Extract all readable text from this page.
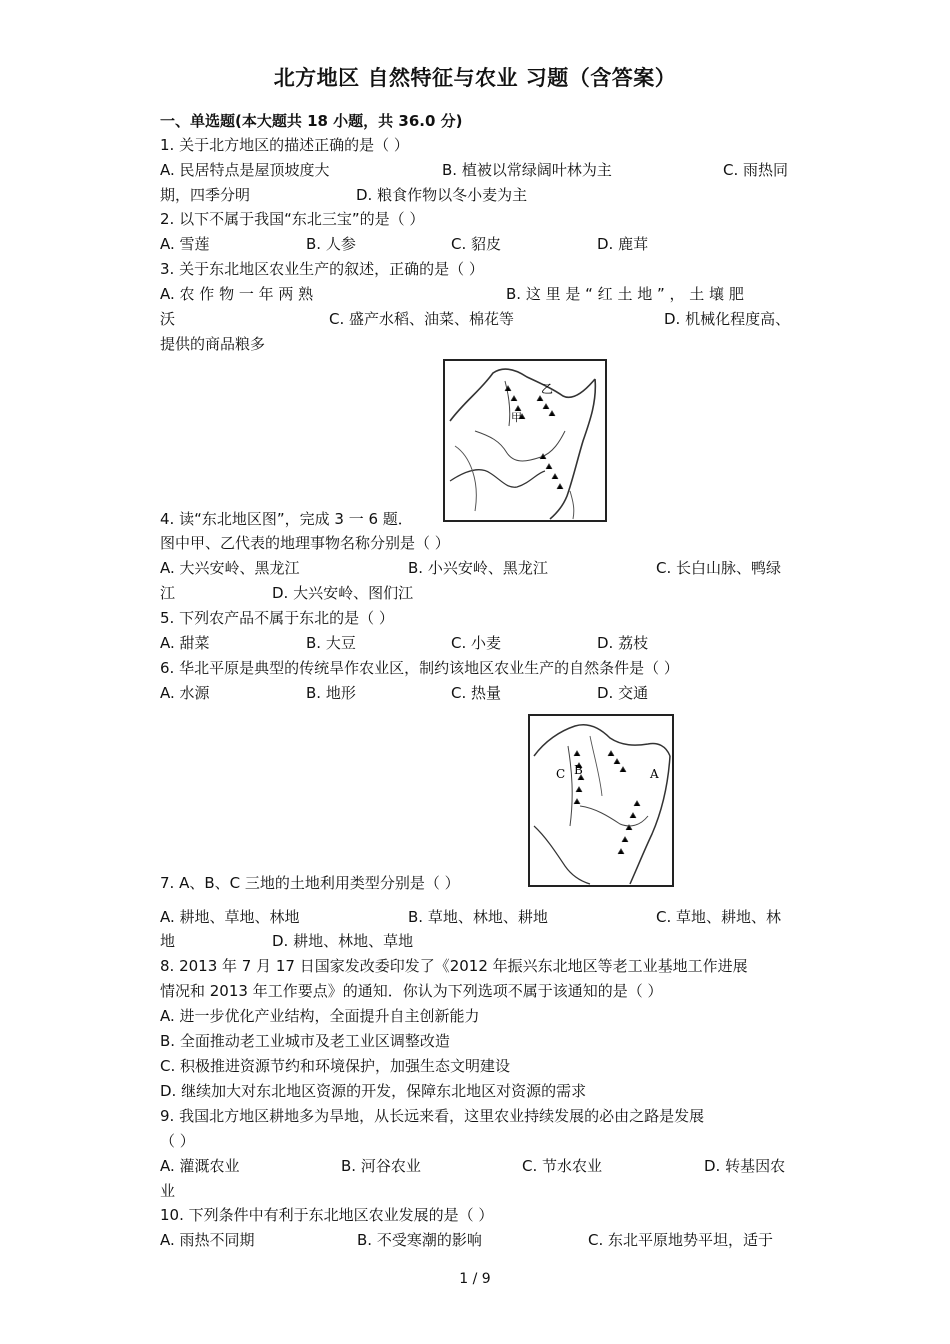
北方地区 自然特征与农业 习题（含答案）
一、单选题(本大题共 18 小题，共 36.0 分)
1. 关于北方地区的描述正确的是（ ）
A. 民居特点是屋顶坡度大	B. 植被以常绿阔叶林为主	C. 雨热同
期，四季分明	D. 粮食作物以冬小麦为主
2. 以下不属于我国“东北三宝”的是（ ）
A. 雪莲	B. 人参	C. 貂皮	D. 鹿茸
3. 关于东北地区农业生产的叙述，正确的是（ ）
A. 农 作 物 一 年 两 熟	B. 这 里 是 “ 红 土 地 ” ， 土 壤 肥
沃	C. 盛产水稻、油菜、棉花等	D. 机械化程度高、
提供的商品粮多
甲
乙
4. 读“东北地区图”，完成 3 一 6 题．
图中甲、乙代表的地理事物名称分别是（ ）
A. 大兴安岭、黑龙江	B. 小兴安岭、黑龙江	C. 长白山脉、鸭绿
江	D. 大兴安岭、图们江
5. 下列农产品不属于东北的是（ ）
A. 甜菜	B. 大豆	C. 小麦	D. 荔枝
6. 华北平原是典型的传统旱作农业区，制约该地区农业生产的自然条件是（ ）
A. 水源	B. 地形	C. 热量	D. 交通
A
B
C
7. A、B、C 三地的土地利用类型分别是（ ）
A. 耕地、草地、林地	B. 草地、林地、耕地	C. 草地、耕地、林
地	D. 耕地、林地、草地
8. 2013 年 7 月 17 日国家发改委印发了《2012 年振兴东北地区等老工业基地工作进展
情况和 2013 年工作要点》的通知．你认为下列选项不属于该通知的是（ ）
A. 进一步优化产业结构，全面提升自主创新能力
B. 全面推动老工业城市及老工业区调整改造
C. 积极推进资源节约和环境保护，加强生态文明建设
D. 继续加大对东北地区资源的开发，保障东北地区对资源的需求
9. 我国北方地区耕地多为旱地，从长远来看，这里农业持续发展的必由之路是发展
（ ）
A. 灌溉农业	B. 河谷农业	C. 节水农业	D. 转基因农
业
10. 下列条件中有利于东北地区农业发展的是（ ）
A. 雨热不同期	B. 不受寒潮的影响	C. 东北平原地势平坦，适于
1 / 9
